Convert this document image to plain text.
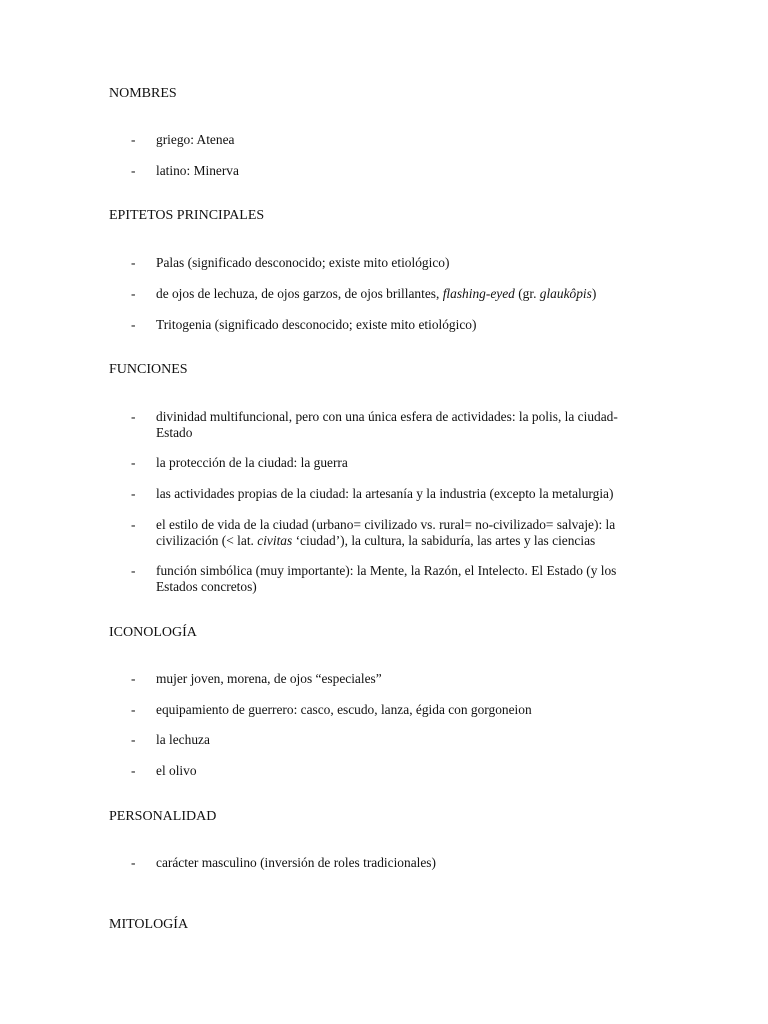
NOMBRES
-	griego: Atenea
-	latino: Minerva
EPITETOS PRINCIPALES
-	Palas (significado desconocido; existe mito etiológico)
-	de ojos de lechuza, de ojos garzos, de ojos brillantes, flashing-eyed (gr. glaukôpis)
-	Tritogenia (significado desconocido; existe mito etiológico)
FUNCIONES
-	divinidad multifuncional, pero con una única esfera de actividades: la polis, la ciudad-
Estado
-	la protección de la ciudad: la guerra
-	las actividades propias de la ciudad: la artesanía y la industria (excepto la metalurgia)
-	el estilo de vida de la ciudad (urbano= civilizado vs. rural= no-civilizado= salvaje): la
civilización (< lat. civitas ‘ciudad’), la cultura, la sabiduría, las artes y las ciencias
-	función simbólica (muy importante): la Mente, la Razón, el Intelecto. El Estado (y los
Estados concretos)
ICONOLOGÍA
-	mujer joven, morena, de ojos “especiales”
-	equipamiento de guerrero: casco, escudo, lanza, égida con gorgoneion
-	la lechuza
-	el olivo
PERSONALIDAD
-	carácter masculino (inversión de roles tradicionales)
MITOLOGÍA
